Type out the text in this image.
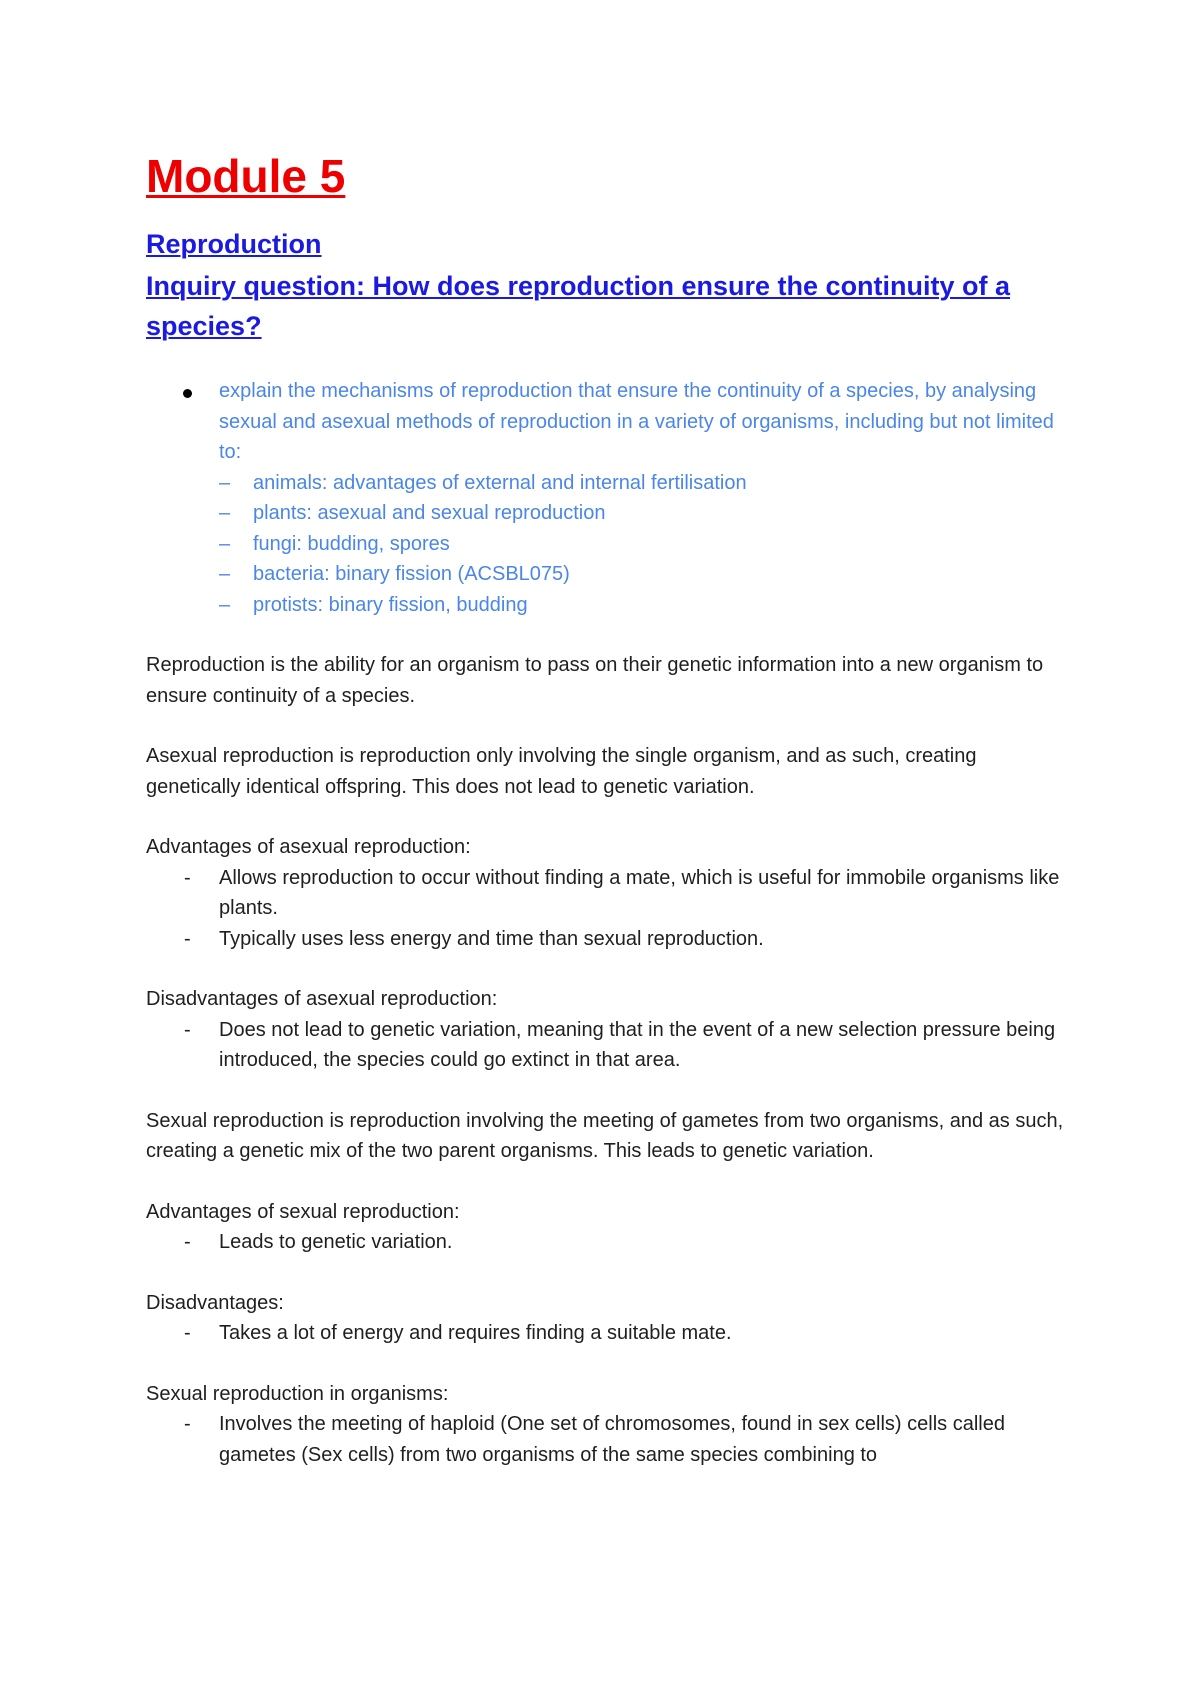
Module 5
Reproduction
Inquiry question: How does reproduction ensure the continuity of a species?
explain the mechanisms of reproduction that ensure the continuity of a species, by analysing sexual and asexual methods of reproduction in a variety of organisms, including but not limited to:
– animals: advantages of external and internal fertilisation
– plants: asexual and sexual reproduction
– fungi: budding, spores
– bacteria: binary fission (ACSBL075)
– protists: binary fission, budding

Reproduction is the ability for an organism to pass on their genetic information into a new organism to ensure continuity of a species.

Asexual reproduction is reproduction only involving the single organism, and as such, creating genetically identical offspring. This does not lead to genetic variation.

Advantages of asexual reproduction:

- Allows reproduction to occur without finding a mate, which is useful for immobile organisms like plants.
- Typically uses less energy and time than sexual reproduction.

Disadvantages of asexual reproduction:

- Does not lead to genetic variation, meaning that in the event of a new selection pressure being introduced, the species could go extinct in that area.

Sexual reproduction is reproduction involving the meeting of gametes from two organisms, and as such, creating a genetic mix of the two parent organisms. This leads to genetic variation.

Advantages of sexual reproduction:

- Leads to genetic variation.

Disadvantages:

- Takes a lot of energy and requires finding a suitable mate.

Sexual reproduction in organisms:

- Involves the meeting of haploid (One set of chromosomes, found in sex cells) cells called gametes (Sex cells) from two organisms of the same species combining to
